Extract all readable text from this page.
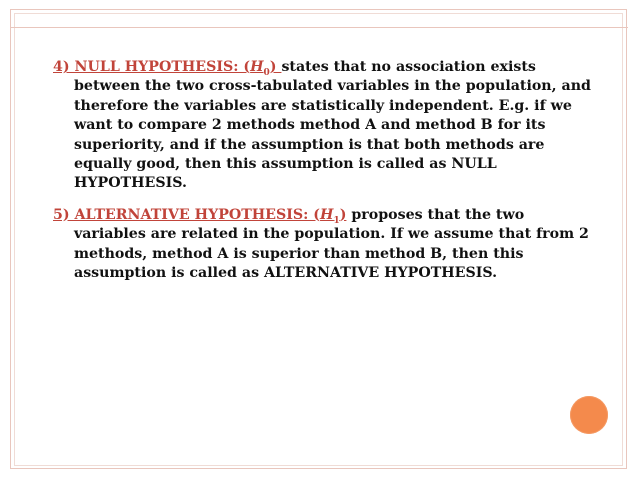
4) NULL HYPOTHESIS: $(H_0)$ states that no association exists between the two cross-tabulated variables in the population, and therefore the variables are statistically independent. E.g. if we want to compare 2 methods method A and method B for its superiority, and if the assumption is that both methods are equally good, then this assumption is called as NULL HYPOTHESIS.

5) ALTERNATIVE HYPOTHESIS: $(H_1)$ proposes that the two variables are related in the population. If we assume that from 2 methods, method A is superior than method B, then this assumption is called as ALTERNATIVE HYPOTHESIS.
